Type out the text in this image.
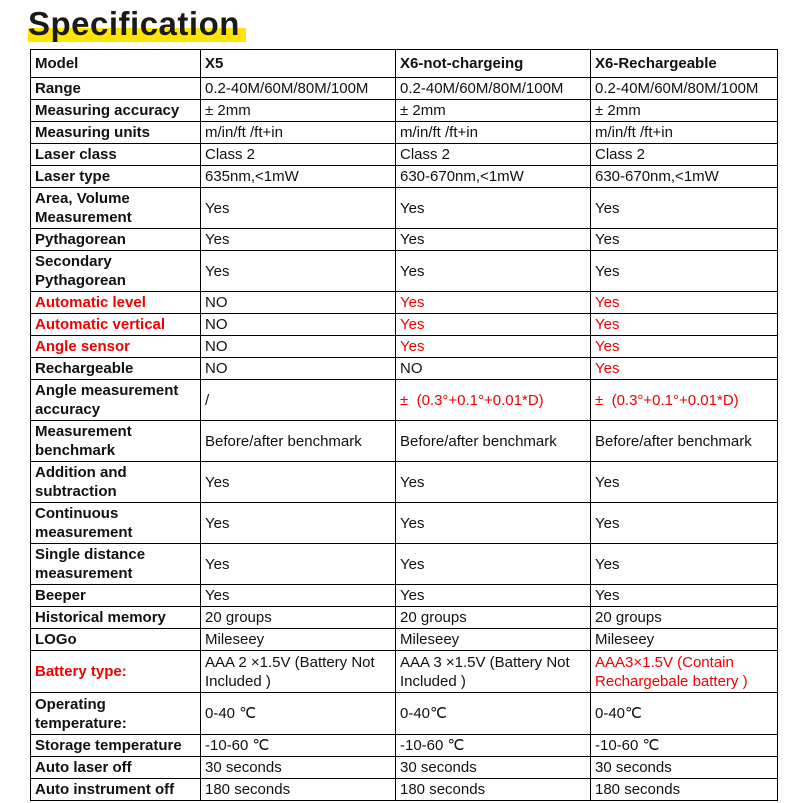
Specification
Model	X5	X6-not-chargeing	X6-Rechargeable
Range	0.2-40M/60M/80M/100M	0.2-40M/60M/80M/100M	0.2-40M/60M/80M/100M
Measuring accuracy	± 2mm	± 2mm	± 2mm
Measuring units	m/in/ft /ft+in	m/in/ft /ft+in	m/in/ft /ft+in
Laser class	Class 2	Class 2	Class 2
Laser type	635nm,<1mW	630-670nm,<1mW	630-670nm,<1mW
Area, Volume Measurement	Yes	Yes	Yes
Pythagorean	Yes	Yes	Yes
Secondary Pythagorean	Yes	Yes	Yes
Automatic level	NO	Yes	Yes
Automatic vertical	NO	Yes	Yes
Angle sensor	NO	Yes	Yes
Rechargeable	NO	NO	Yes
Angle measurement accuracy	/	±  (0.3°+0.1°+0.01*D)	±  (0.3°+0.1°+0.01*D)
Measurement benchmark	Before/after benchmark	Before/after benchmark	Before/after benchmark
Addition and subtraction	Yes	Yes	Yes
Continuous measurement	Yes	Yes	Yes
Single distance measurement	Yes	Yes	Yes
Beeper	Yes	Yes	Yes
Historical memory	20 groups	20 groups	20 groups
LOGo	Mileseey	Mileseey	Mileseey
Battery type:	AAA 2 ×1.5V (Battery Not Included )	AAA 3 ×1.5V (Battery Not Included )	AAA3×1.5V (Contain Rechargebale battery )
Operating temperature:	0-40 ℃	0-40℃	0-40℃
Storage temperature	-10-60 ℃	-10-60 ℃	-10-60 ℃
Auto laser off	30 seconds	30 seconds	30 seconds
Auto instrument off	180 seconds	180 seconds	180 seconds
